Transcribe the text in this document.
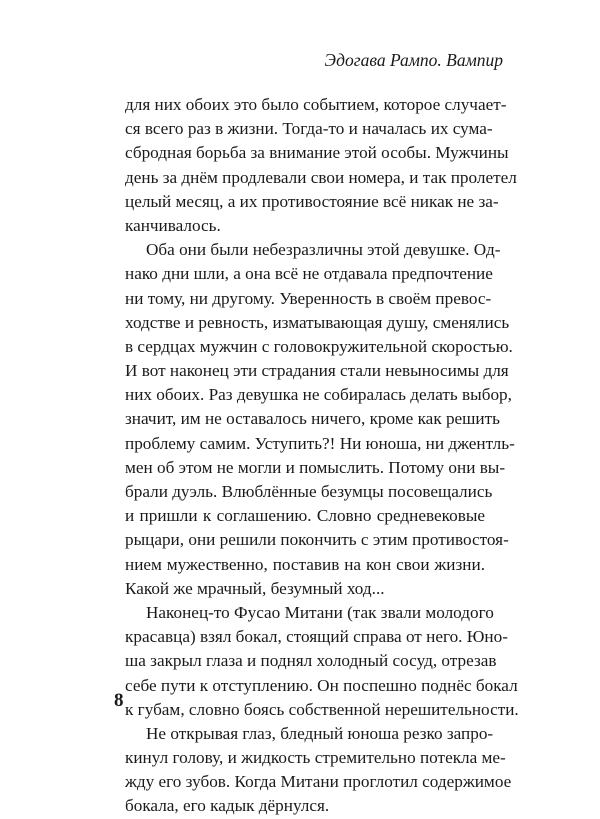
Эдогава Рампо. Вампир
для них обоих это было событием, которое случает-
ся всего раз в жизни. Тогда-то и началась их сума-
сбродная борьба за внимание этой особы. Мужчины
день за днём продлевали свои номера, и так пролетел
целый месяц, а их противостояние всё никак не за-
канчивалось.
Оба они были небезразличны этой девушке. Од-
нако дни шли, а она всё не отдавала предпочтение
ни тому, ни другому. Уверенность в своём превос-
ходстве и ревность, изматывающая душу, сменялись
в сердцах мужчин с головокружительной скоростью.
И вот наконец эти страдания стали невыносимы для
них обоих. Раз девушка не собиралась делать выбор,
значит, им не оставалось ничего, кроме как решить
проблему самим. Уступить?! Ни юноша, ни джентль-
мен об этом не могли и помыслить. Потому они вы-
брали дуэль. Влюблённые безумцы посовещались
и пришли к соглашению. Словно средневековые
рыцари, они решили покончить с этим противостоя-
нием мужественно, поставив на кон свои жизни.
Какой же мрачный, безумный ход...
Наконец-то Фусао Митани (так звали молодого
красавца) взял бокал, стоящий справа от него. Юно-
ша закрыл глаза и поднял холодный сосуд, отрезав
себе пути к отступлению. Он поспешно поднёс бокал
к губам, словно боясь собственной нерешительности.
Не открывая глаз, бледный юноша резко запро-
кинул голову, и жидкость стремительно потекла ме-
жду его зубов. Когда Митани проглотил содержимое
бокала, его кадык дёрнулся.
8
